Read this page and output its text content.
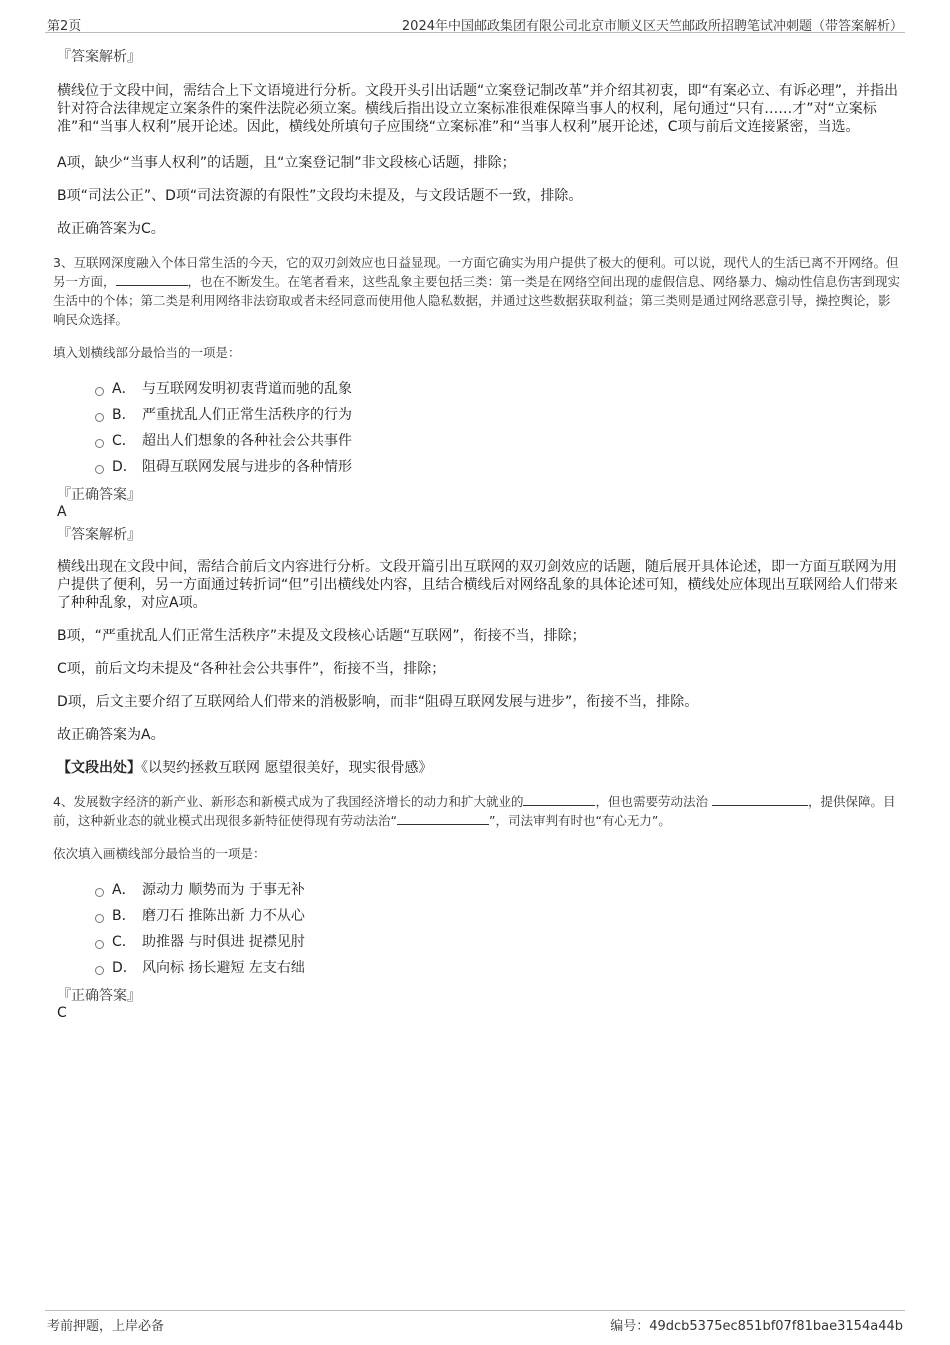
第2页	2024年中国邮政集团有限公司北京市顺义区天竺邮政所招聘笔试冲刺题（带答案解析）

『答案解析』

横线位于文段中间，需结合上下文语境进行分析。文段开头引出话题“立案登记制改革”并介绍其初衷，即“有案必立、有诉必理”，并指出针对符合法律规定立案条件的案件法院必须立案。横线后指出设立立案标准很难保障当事人的权利，尾句通过“只有……才”对“立案标准”和“当事人权利”展开论述。因此，横线处所填句子应围绕“立案标准”和“当事人权利”展开论述，C项与前后文连接紧密，当选。

A项，缺少“当事人权利”的话题，且“立案登记制”非文段核心话题，排除；

B项“司法公正”、D项“司法资源的有限性”文段均未提及，与文段话题不一致，排除。

故正确答案为C。

3、互联网深度融入个体日常生活的今天，它的双刃剑效应也日益显现。一方面它确实为用户提供了极大的便利。可以说，现代人的生活已离不开网络。但另一方面，	，也在不断发生。在笔者看来，这些乱象主要包括三类：第一类是在网络空间出现的虚假信息、网络暴力、煽动性信息伤害到现实生活中的个体；第二类是利用网络非法窃取或者未经同意而使用他人隐私数据，并通过这些数据获取利益；第三类则是通过网络恶意引导，操控舆论，影响民众选择。

填入划横线部分最恰当的一项是：

A． 与互联网发明初衷背道而驰的乱象
B． 严重扰乱人们正常生活秩序的行为
C． 超出人们想象的各种社会公共事件
D． 阻碍互联网发展与进步的各种情形

『正确答案』

A

『答案解析』

横线出现在文段中间，需结合前后文内容进行分析。文段开篇引出互联网的双刃剑效应的话题，随后展开具体论述，即一方面互联网为用户提供了便利，另一方面通过转折词“但”引出横线处内容，且结合横线后对网络乱象的具体论述可知，横线处应体现出互联网给人们带来了种种乱象，对应A项。

B项，“严重扰乱人们正常生活秩序”未提及文段核心话题“互联网”，衔接不当，排除；

C项，前后文均未提及“各种社会公共事件”，衔接不当，排除；

D项，后文主要介绍了互联网给人们带来的消极影响，而非“阻碍互联网发展与进步”，衔接不当，排除。

故正确答案为A。

【文段出处】《以契约拯救互联网 愿望很美好，现实很骨感》

4、发展数字经济的新产业、新形态和新模式成为了我国经济增长的动力和扩大就业的	，但也需要劳动法治	，提供保障。目前，这种新业态的就业模式出现很多新特征使得现有劳动法治“	”，司法审判有时也“有心无力”。

依次填入画横线部分最恰当的一项是：

A． 源动力 顺势而为 于事无补
B． 磨刀石 推陈出新 力不从心
C． 助推器 与时俱进 捉襟见肘
D． 风向标 扬长避短 左支右绌

『正确答案』

C

考前押题，上岸必备	编号：49dcb5375ec851bf07f81bae3154a44b
